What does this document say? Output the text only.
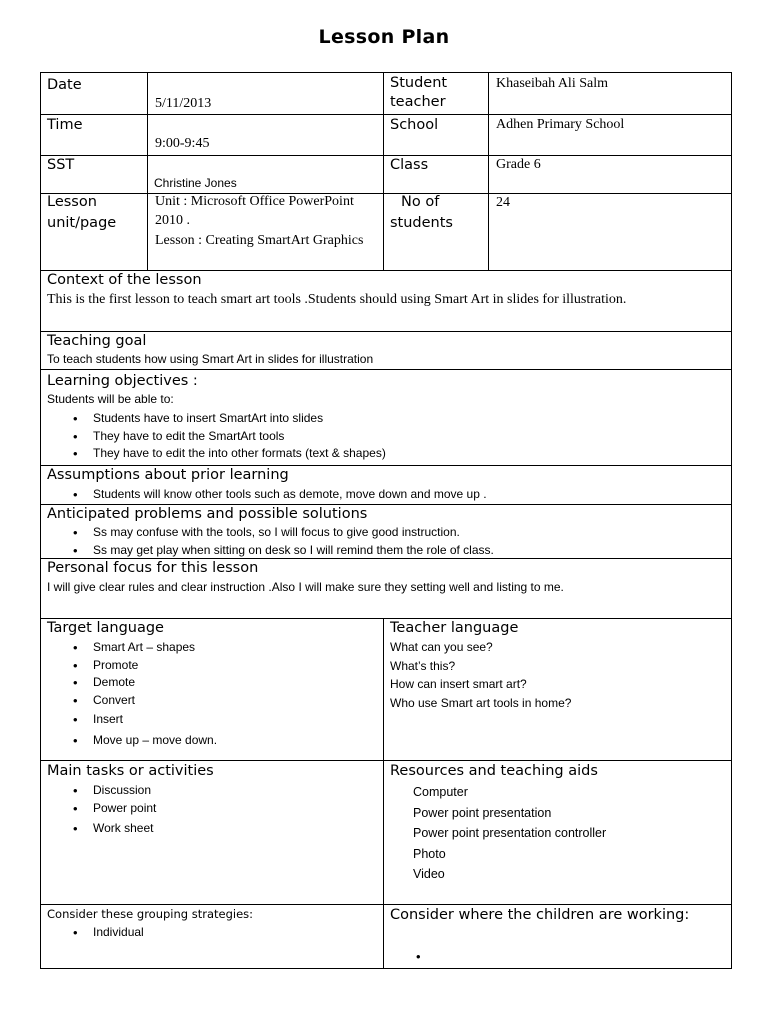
Lesson Plan
Date
5/11/2013
Student teacher
Khaseibah Ali Salm
Time
9:00-9:45
School	Adhen Primary School
SST
Christine Jones
Class	Grade 6
Lesson unit/page
Unit : Microsoft Office PowerPoint 2010 .
Lesson : Creating SmartArt Graphics
No of students
24
Context of the lesson
This is the first lesson to teach smart art tools .Students should using Smart Art in slides for illustration.
Teaching goal
To teach students how using Smart Art in slides for illustration
Learning objectives :
Students will be able to:
• Students have to insert SmartArt into slides
• They have to edit the SmartArt tools
• They have to edit the into other formats (text & shapes)
Assumptions about prior learning
• Students will know other tools such as demote, move down and move up .
Anticipated problems and possible solutions
• Ss may confuse with the tools, so I will focus to give good instruction.
• Ss may get play when sitting on desk so I will remind them the role of class.
Personal focus for this lesson
I will give clear rules and clear instruction .Also I will make sure they setting well and listing to me.
Target language
• Smart Art – shapes
• Promote
• Demote
• Convert
• Insert
• Move up – move down.
Teacher language
What can you see?
What’s this?
How can insert smart art?
Who use Smart art tools in home?
Main tasks or activities
• Discussion
• Power point
• Work sheet
Resources and teaching aids
Computer
Power point presentation
Power point presentation controller
Photo
Video
Consider these grouping strategies:
• Individual
Consider where the children are working:
